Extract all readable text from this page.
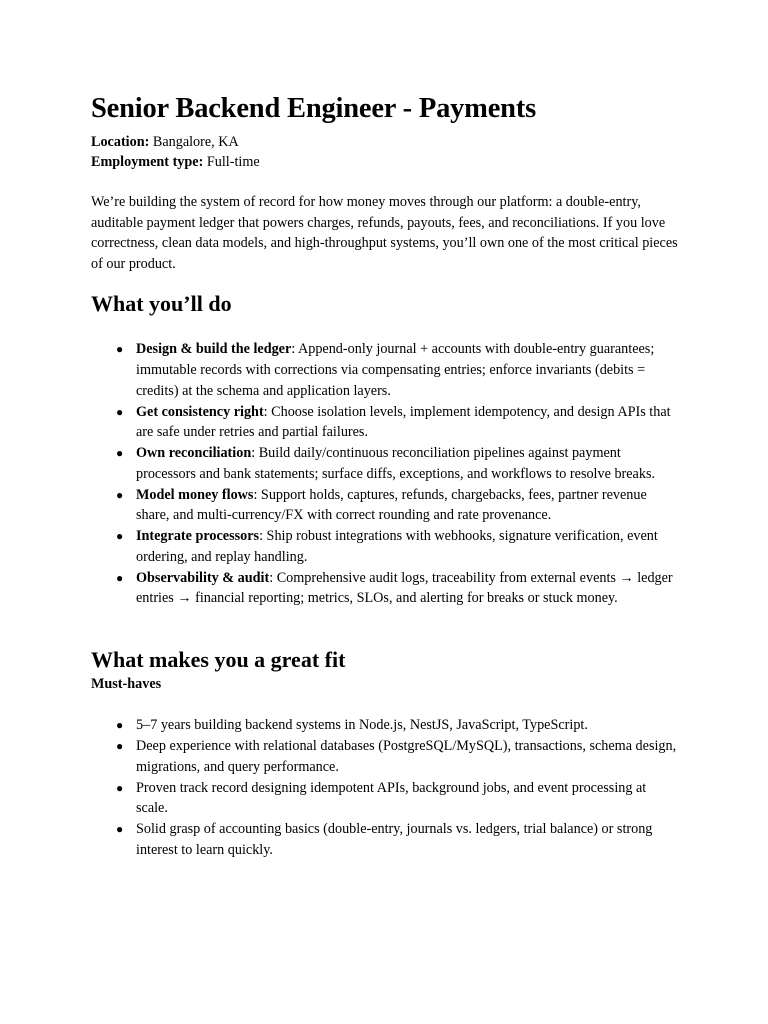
Senior Backend Engineer - Payments

Location: Bangalore, KA

Employment type: Full-time

We’re building the system of record for how money moves through our platform: a double-entry, auditable payment ledger that powers charges, refunds, payouts, fees, and reconciliations. If you love correctness, clean data models, and high-throughput systems, you’ll own one of the most critical pieces of our product.

What you’ll do
● Design & build the ledger: Append-only journal + accounts with double-entry guarantees; immutable records with corrections via compensating entries; enforce invariants (debits = credits) at the schema and application layers.
● Get consistency right: Choose isolation levels, implement idempotency, and design APIs that are safe under retries and partial failures.
● Own reconciliation: Build daily/continuous reconciliation pipelines against payment processors and bank statements; surface diffs, exceptions, and workflows to resolve breaks.
● Model money flows: Support holds, captures, refunds, chargebacks, fees, partner revenue share, and multi-currency/FX with correct rounding and rate provenance.
● Integrate processors: Ship robust integrations with webhooks, signature verification, event ordering, and replay handling.
● Observability & audit: Comprehensive audit logs, traceability from external events → ledger entries → financial reporting; metrics, SLOs, and alerting for breaks or stuck money.
What makes you a great fit

Must-haves

● 5–7 years building backend systems in Node.js, NestJS, JavaScript, TypeScript.
● Deep experience with relational databases (PostgreSQL/MySQL), transactions, schema design, migrations, and query performance.
● Proven track record designing idempotent APIs, background jobs, and event processing at scale.
● Solid grasp of accounting basics (double-entry, journals vs. ledgers, trial balance) or strong interest to learn quickly.
